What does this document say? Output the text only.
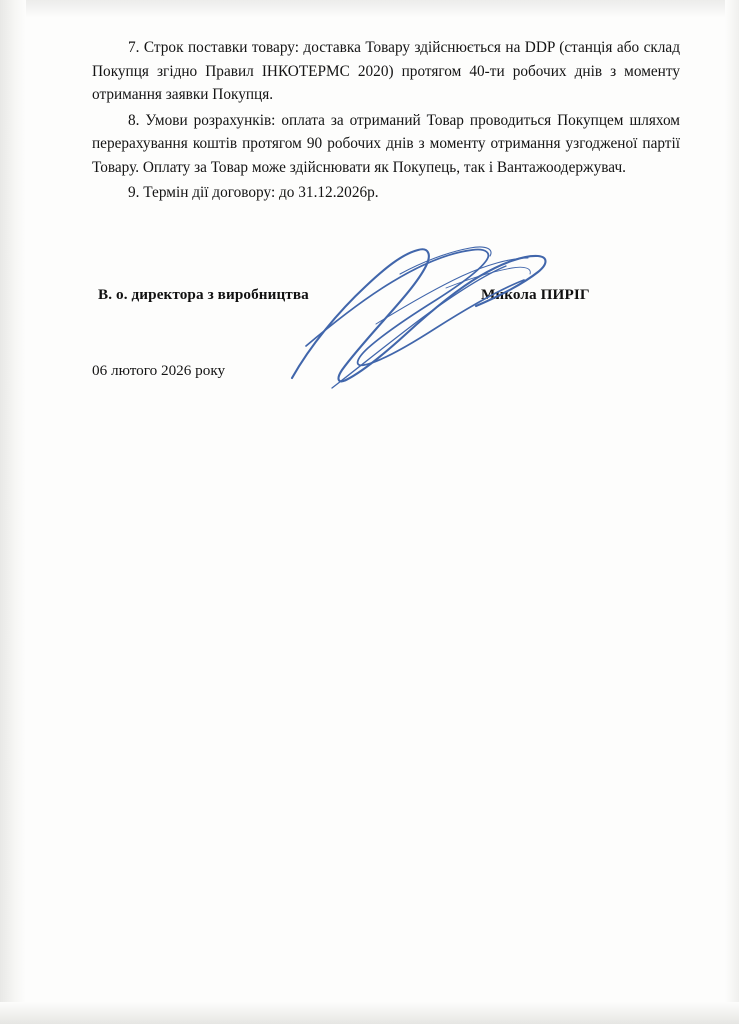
7. Строк поставки товару: доставка Товару здійснюється на DDP (станція або склад Покупця згідно Правил ІНКОТЕРМС 2020) протягом 40-ти робочих днів з моменту отримання заявки Покупця.

8. Умови розрахунків: оплата за отриманий Товар проводиться Покупцем шляхом перерахування коштів протягом 90 робочих днів з моменту отримання узгодженої партії Товару. Оплату за Товар може здійснювати як Покупець, так і Вантажоодержувач.

9. Термін дії договору: до 31.12.2026р.

В. о. директора з виробництва	Микола ПИРІГ
06 лютого 2026 року
